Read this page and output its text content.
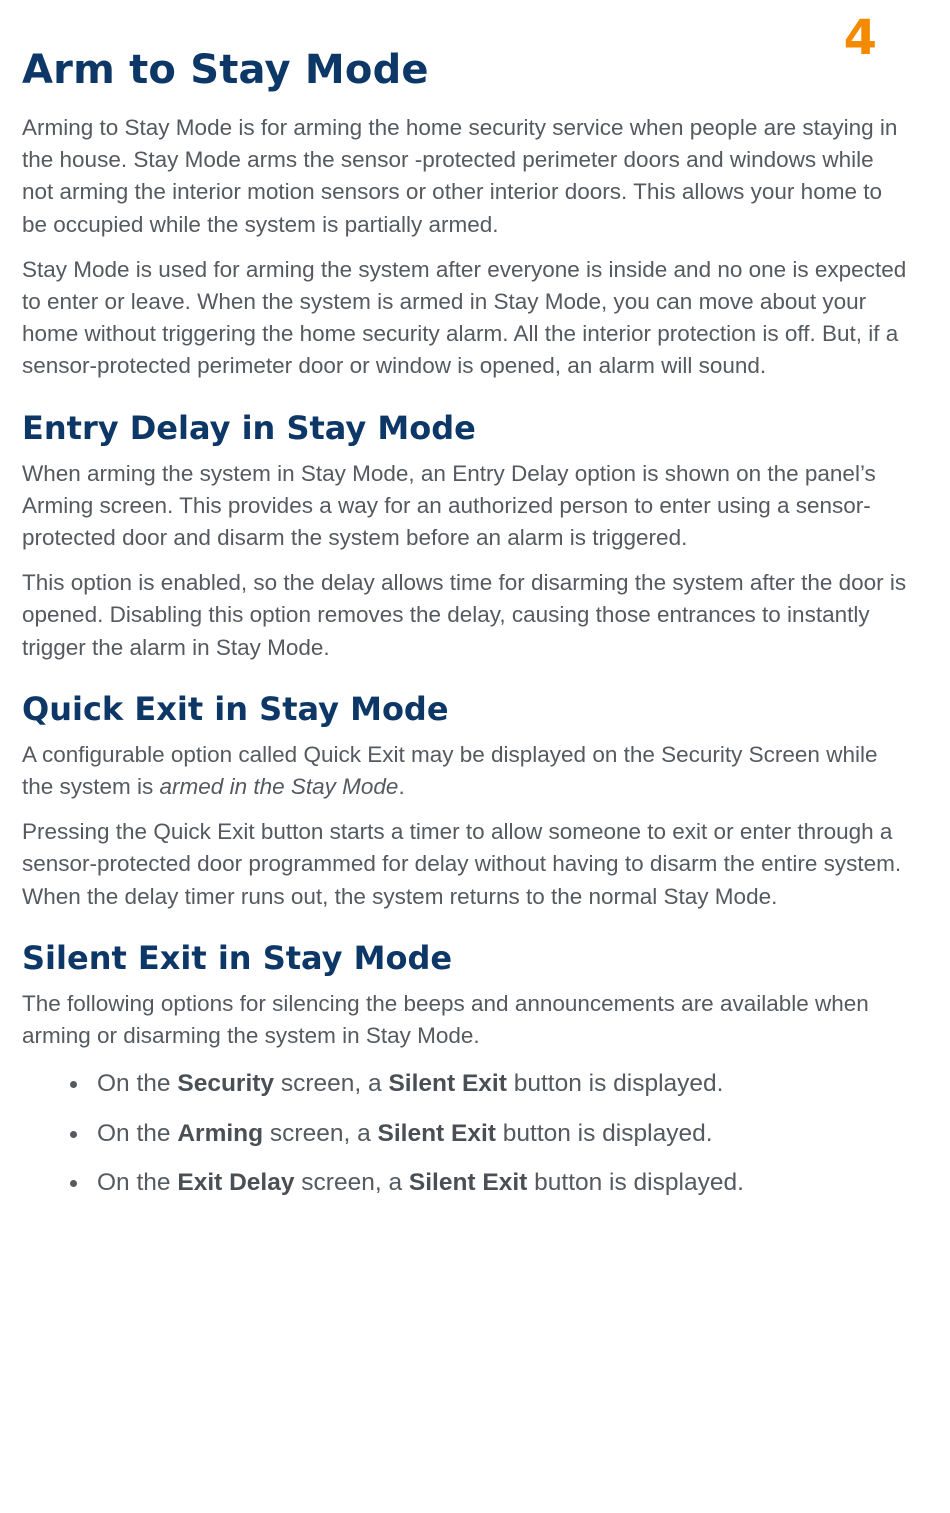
4
Arm to Stay Mode

Arming to Stay Mode is for arming the home security service when people are staying in the house. Stay Mode arms the sensor ‑protected perimeter doors and windows while not arming the interior motion sensors or other interior doors. This allows your home to be occupied while the system is partially armed.

Stay Mode is used for arming the system after everyone is inside and no one is expected to enter or leave. When the system is armed in Stay Mode, you can move about your home without triggering the home security alarm. All the interior protection is off. But, if a sensor-protected perimeter door or window is opened, an alarm will sound.

Entry Delay in Stay Mode

When arming the system in Stay Mode, an Entry Delay option is shown on the panel’s Arming screen. This provides a way for an authorized person to enter using a sensor-protected door and disarm the system before an alarm is triggered.

This option is enabled, so the delay allows time for disarming the system after the door is opened. Disabling this option removes the delay, causing those entrances to instantly trigger the alarm in Stay Mode.

Quick Exit in Stay Mode

A configurable option called Quick Exit may be displayed on the Security Screen while the system is armed in the Stay Mode.

Pressing the Quick Exit button starts a timer to allow someone to exit or enter through a sensor-protected door programmed for delay without having to disarm the entire system. When the delay timer runs out, the system returns to the normal Stay Mode.

Silent Exit in Stay Mode

The following options for silencing the beeps and announcements are available when arming or disarming the system in Stay Mode.

On the Security screen, a Silent Exit button is displayed.
On the Arming screen, a Silent Exit button is displayed.
On the Exit Delay screen, a Silent Exit button is displayed.
